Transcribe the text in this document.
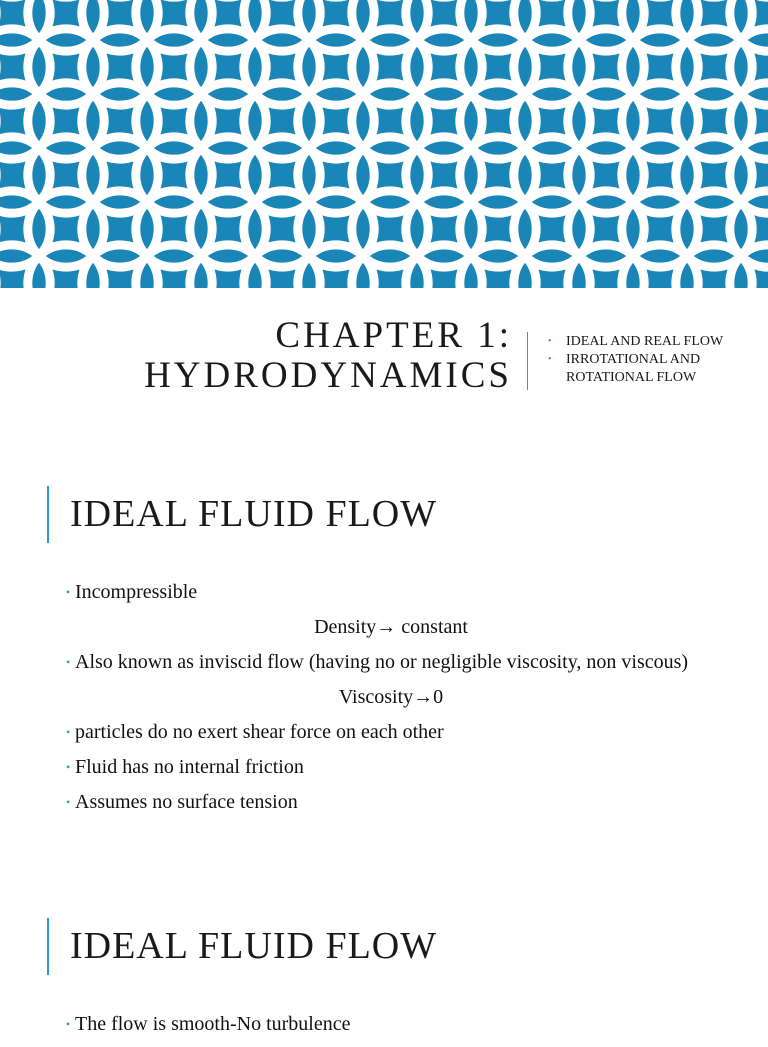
CHAPTER 1:
HYDRODYNAMICS
• IDEAL AND REAL FLOW
• IRROTATIONAL AND ROTATIONAL FLOW
IDEAL FLUID FLOW
• Incompressible
Density→ constant
• Also known as inviscid flow (having no or negligible viscosity, non viscous)
Viscosity→0
• particles do no exert shear force on each other
• Fluid has no internal friction
• Assumes no surface tension
IDEAL FLUID FLOW
• The flow is smooth-No turbulence
